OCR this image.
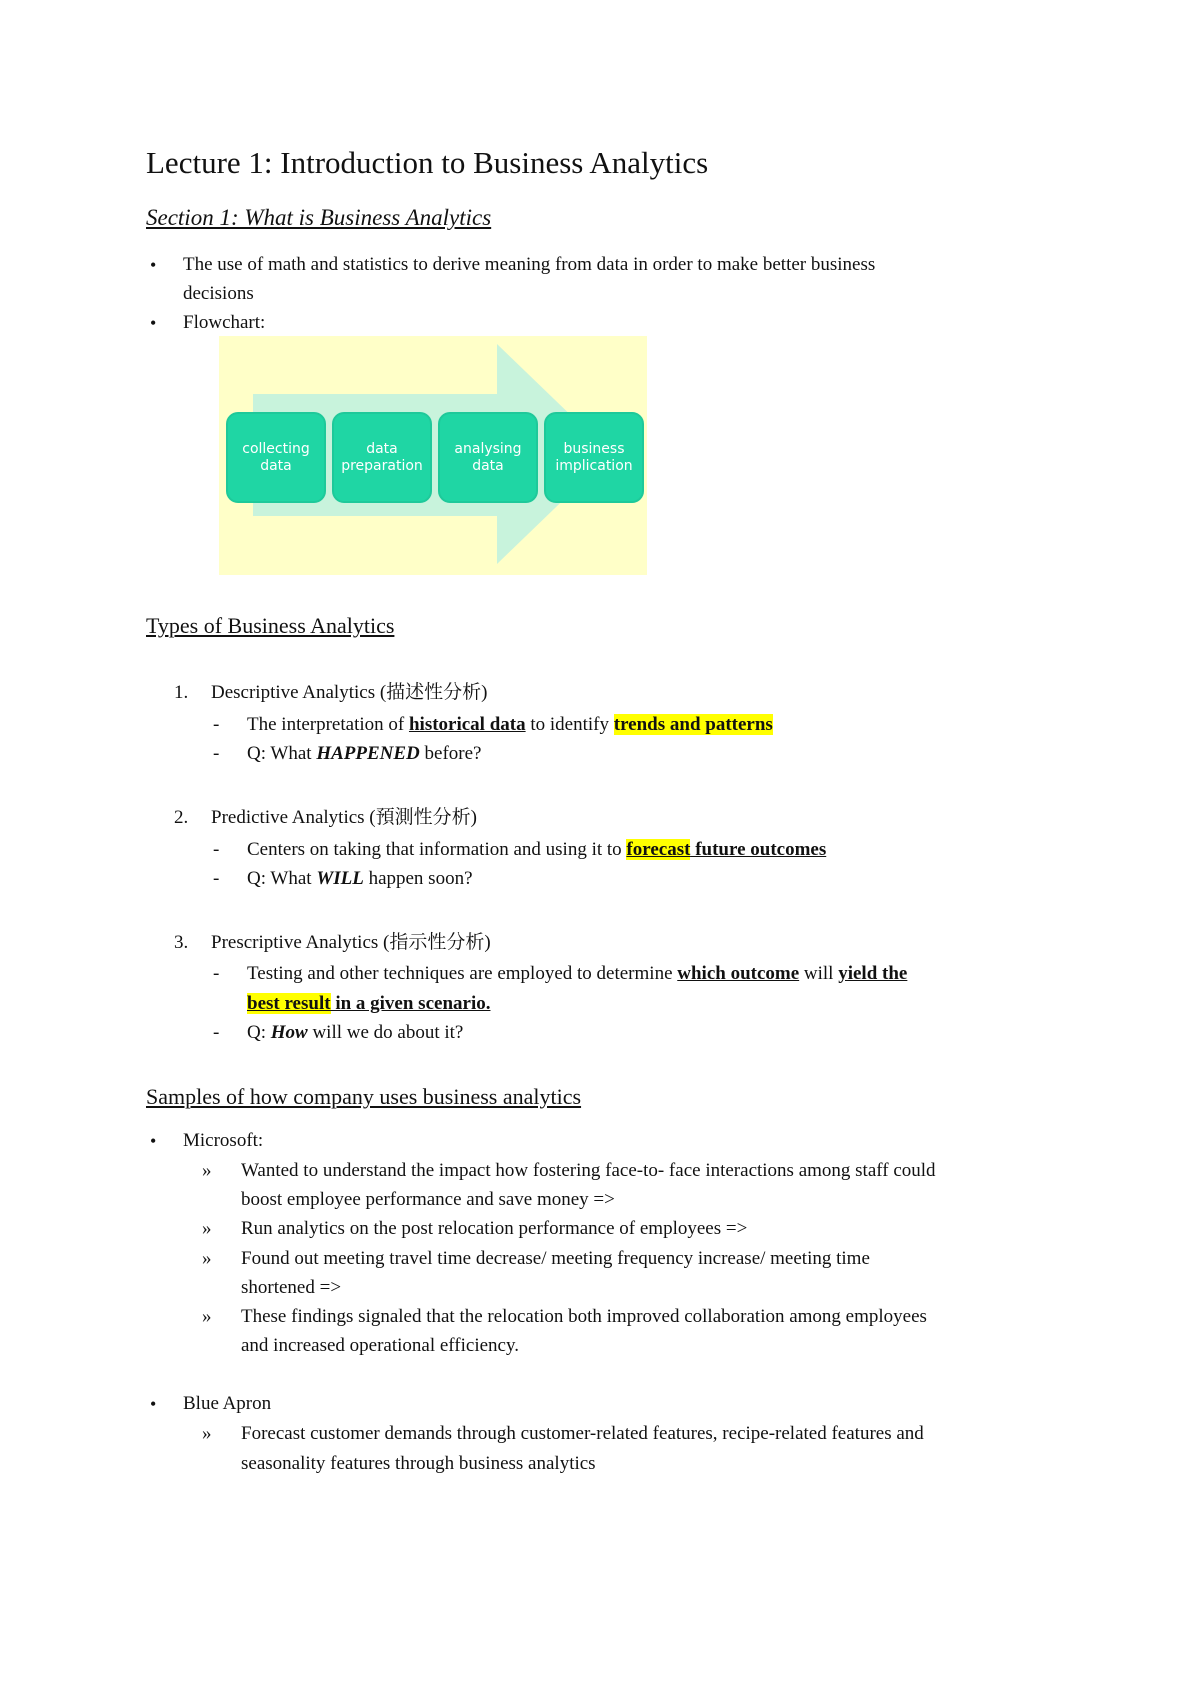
Lecture 1: Introduction to Business Analytics
Section 1: What is Business Analytics
• The use of math and statistics to derive meaning from data in order to make better business
decisions
• Flowchart:
collecting
data
data
preparation
analysing
data
business
implication
Types of Business Analytics
1. Descriptive Analytics (描述性分析)
- The interpretation of historical data to identify trends and patterns
- Q: What HAPPENED before?
2. Predictive Analytics (預測性分析)
- Centers on taking that information and using it to forecast future outcomes
- Q: What WILL happen soon?
3. Prescriptive Analytics (指示性分析)
- Testing and other techniques are employed to determine which outcome will yield the
best result in a given scenario.
- Q: How will we do about it?
Samples of how company uses business analytics
• Microsoft:
» Wanted to understand the impact how fostering face-to- face interactions among staff could
boost employee performance and save money =>
» Run analytics on the post relocation performance of employees =>
» Found out meeting travel time decrease/ meeting frequency increase/ meeting time
shortened =>
» These findings signaled that the relocation both improved collaboration among employees
and increased operational efficiency.
• Blue Apron
» Forecast customer demands through customer-related features, recipe-related features and
seasonality features through business analytics
